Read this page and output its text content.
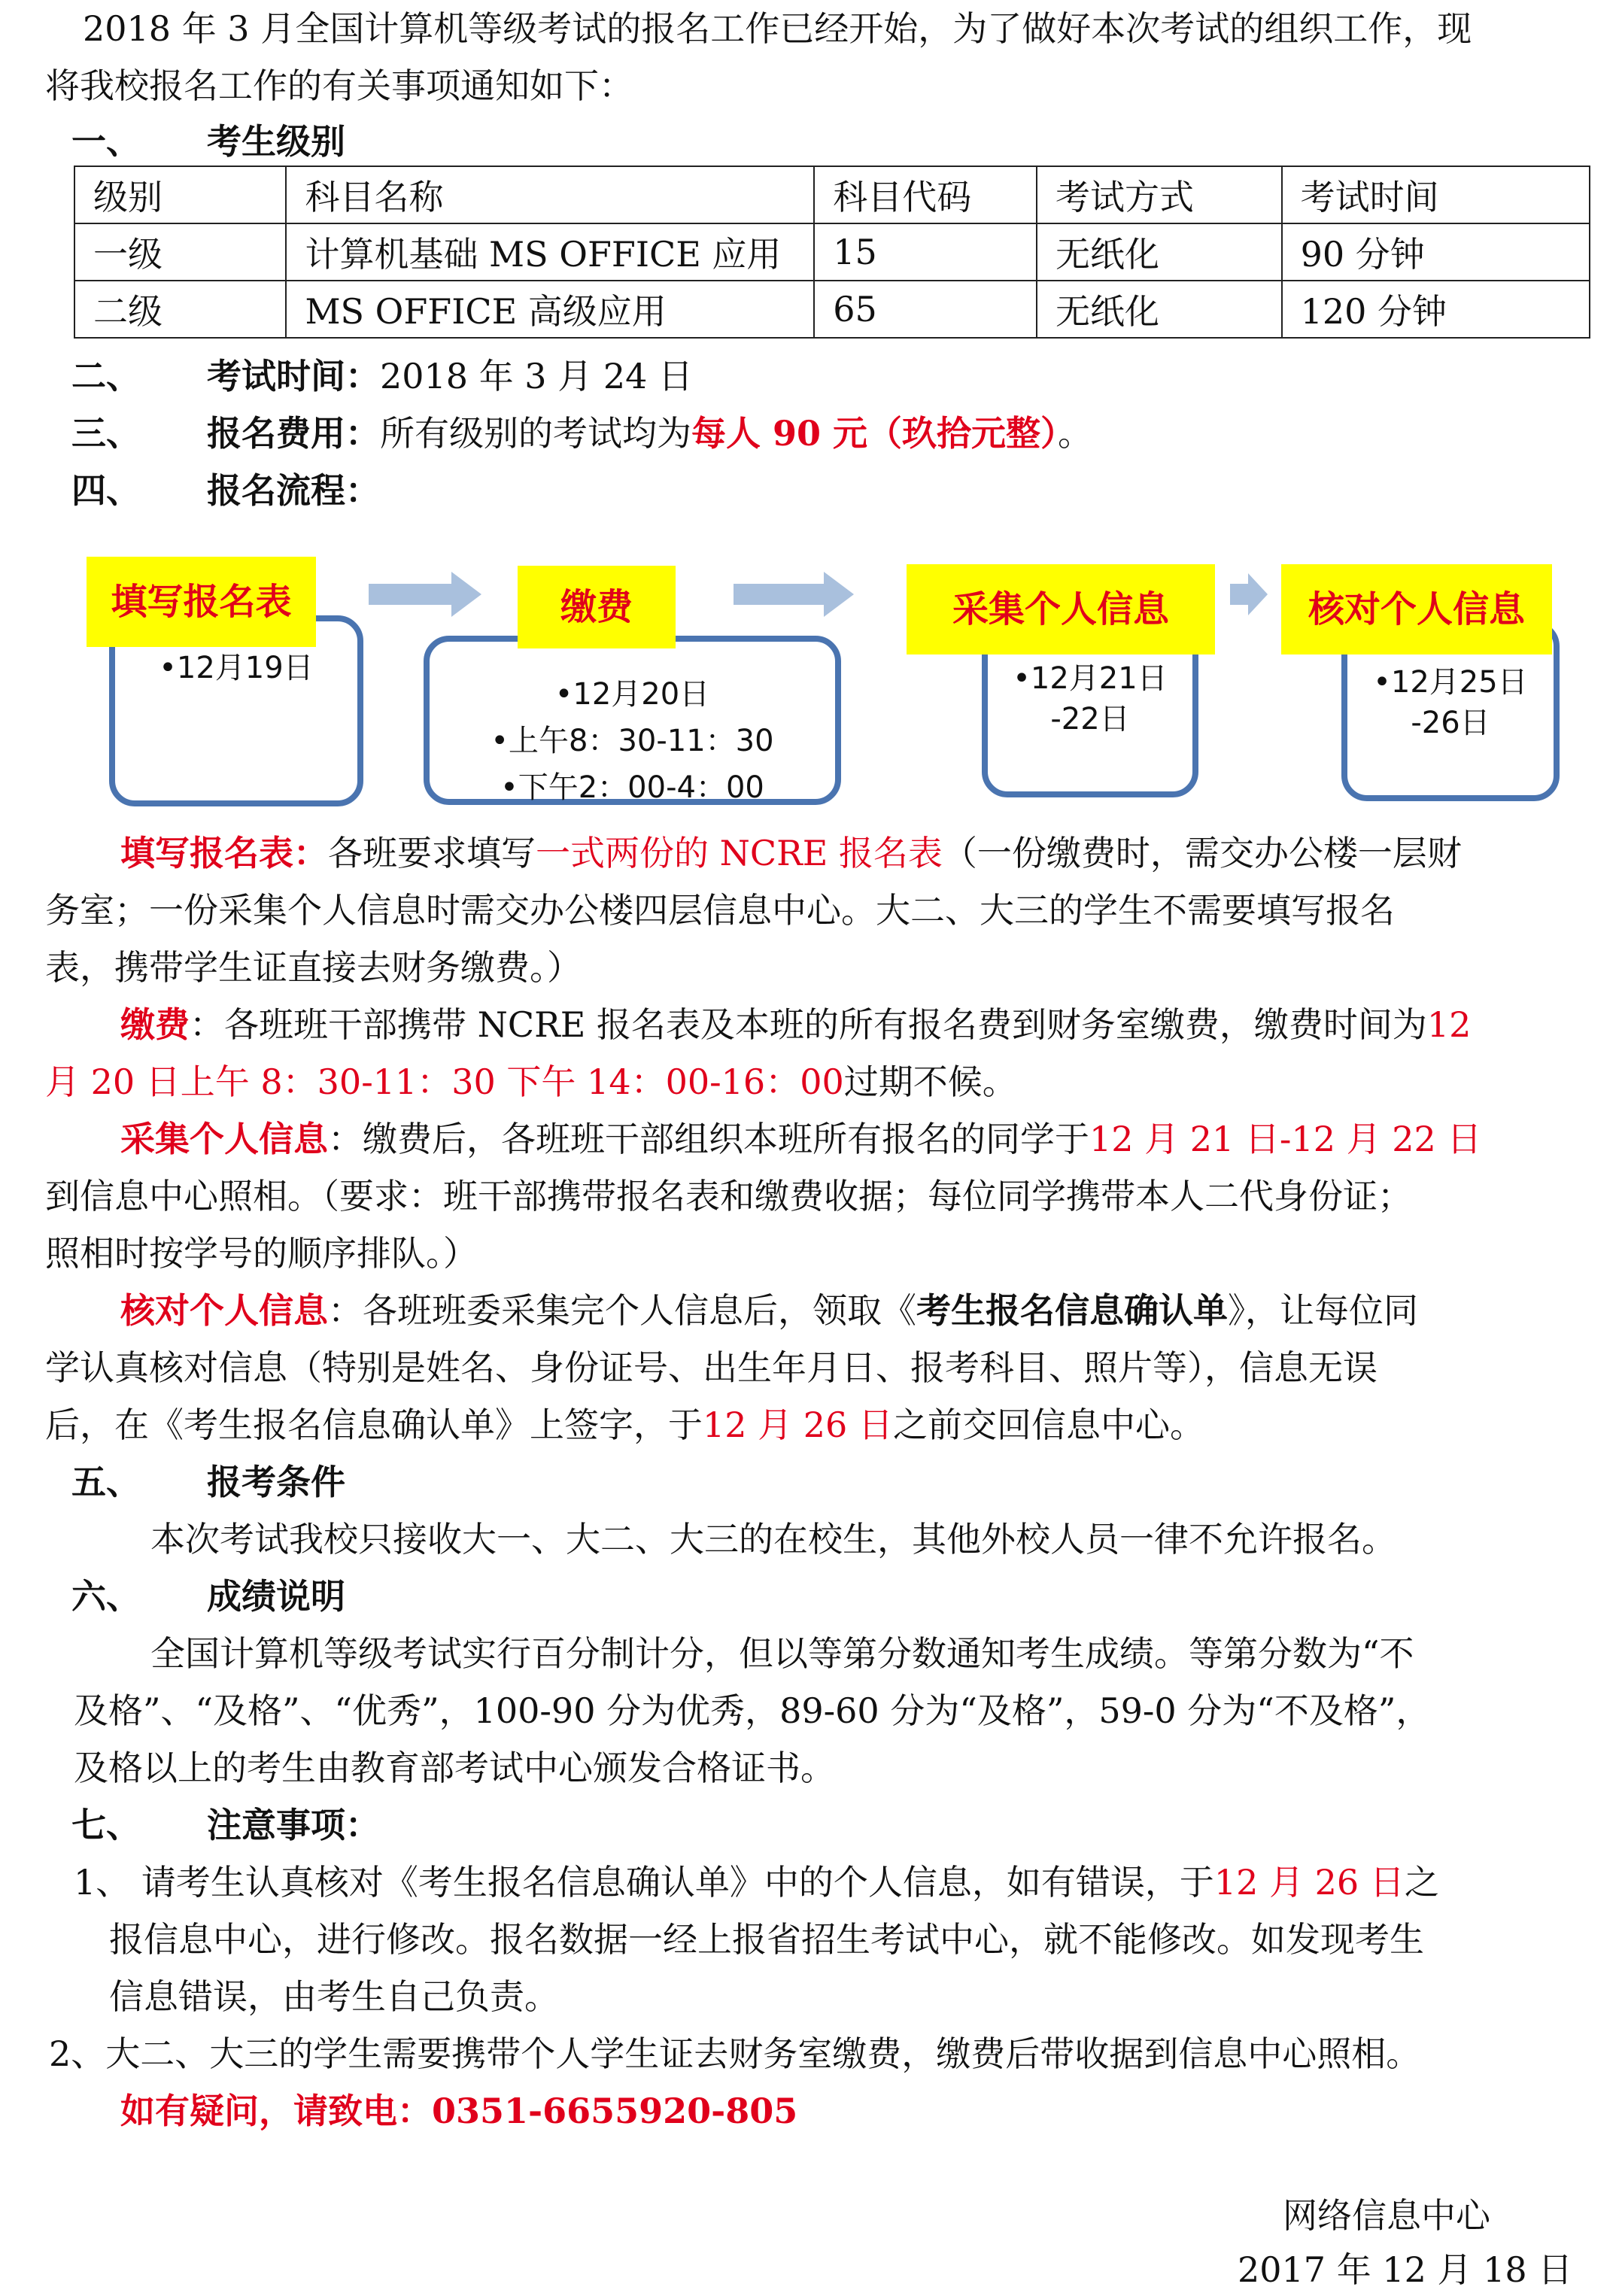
2018 年 3 月全国计算机等级考试的报名工作已经开始，为了做好本次考试的组织工作，现
将我校报名工作的有关事项通知如下：
一、 考生级别
级别	科目名称	科目代码	考试方式	考试时间
一级	计算机基础 MS OFFICE 应用	15	无纸化	90 分钟
二级	MS OFFICE 高级应用	65	无纸化	120 分钟
二、 考试时间：2018 年 3 月 24 日
三、 报名费用：所有级别的考试均为每人 90 元（玖拾元整）。
四、 报名流程：
•12月19日
填写报名表
•12月20日
•上午8：30-11：30
•下午2：00-4：00
缴费
•12月21日
-22日
采集个人信息
•12月25日
-26日
核对个人信息
填写报名表：各班要求填写一式两份的 NCRE 报名表（一份缴费时，需交办公楼一层财
务室；一份采集个人信息时需交办公楼四层信息中心。大二、大三的学生不需要填写报名
表，携带学生证直接去财务缴费。）
缴费：各班班干部携带 NCRE 报名表及本班的所有报名费到财务室缴费，缴费时间为12
月 20 日上午 8：30-11：30 下午 14：00-16：00过期不候。
采集个人信息：缴费后，各班班干部组织本班所有报名的同学于12 月 21 日-12 月 22 日
到信息中心照相。（要求：班干部携带报名表和缴费收据；每位同学携带本人二代身份证；
照相时按学号的顺序排队。）
核对个人信息：各班班委采集完个人信息后，领取《考生报名信息确认单》，让每位同
学认真核对信息（特别是姓名、身份证号、出生年月日、报考科目、照片等），信息无误
后，在《考生报名信息确认单》上签字，于12 月 26 日之前交回信息中心。
五、 报考条件
本次考试我校只接收大一、大二、大三的在校生，其他外校人员一律不允许报名。
六、 成绩说明
全国计算机等级考试实行百分制计分，但以等第分数通知考生成绩。等第分数为“不
及格”、“及格”、“优秀”，100-90 分为优秀，89-60 分为“及格”，59-0 分为“不及格”，
及格以上的考生由教育部考试中心颁发合格证书。
七、 注意事项：
1、 请考生认真核对《考生报名信息确认单》中的个人信息，如有错误，于12 月 26 日之
报信息中心，进行修改。报名数据一经上报省招生考试中心，就不能修改。如发现考生
信息错误，由考生自己负责。
2、大二、大三的学生需要携带个人学生证去财务室缴费，缴费后带收据到信息中心照相。
如有疑问，请致电：0351-6655920-805
网络信息中心
2017 年 12 月 18 日
